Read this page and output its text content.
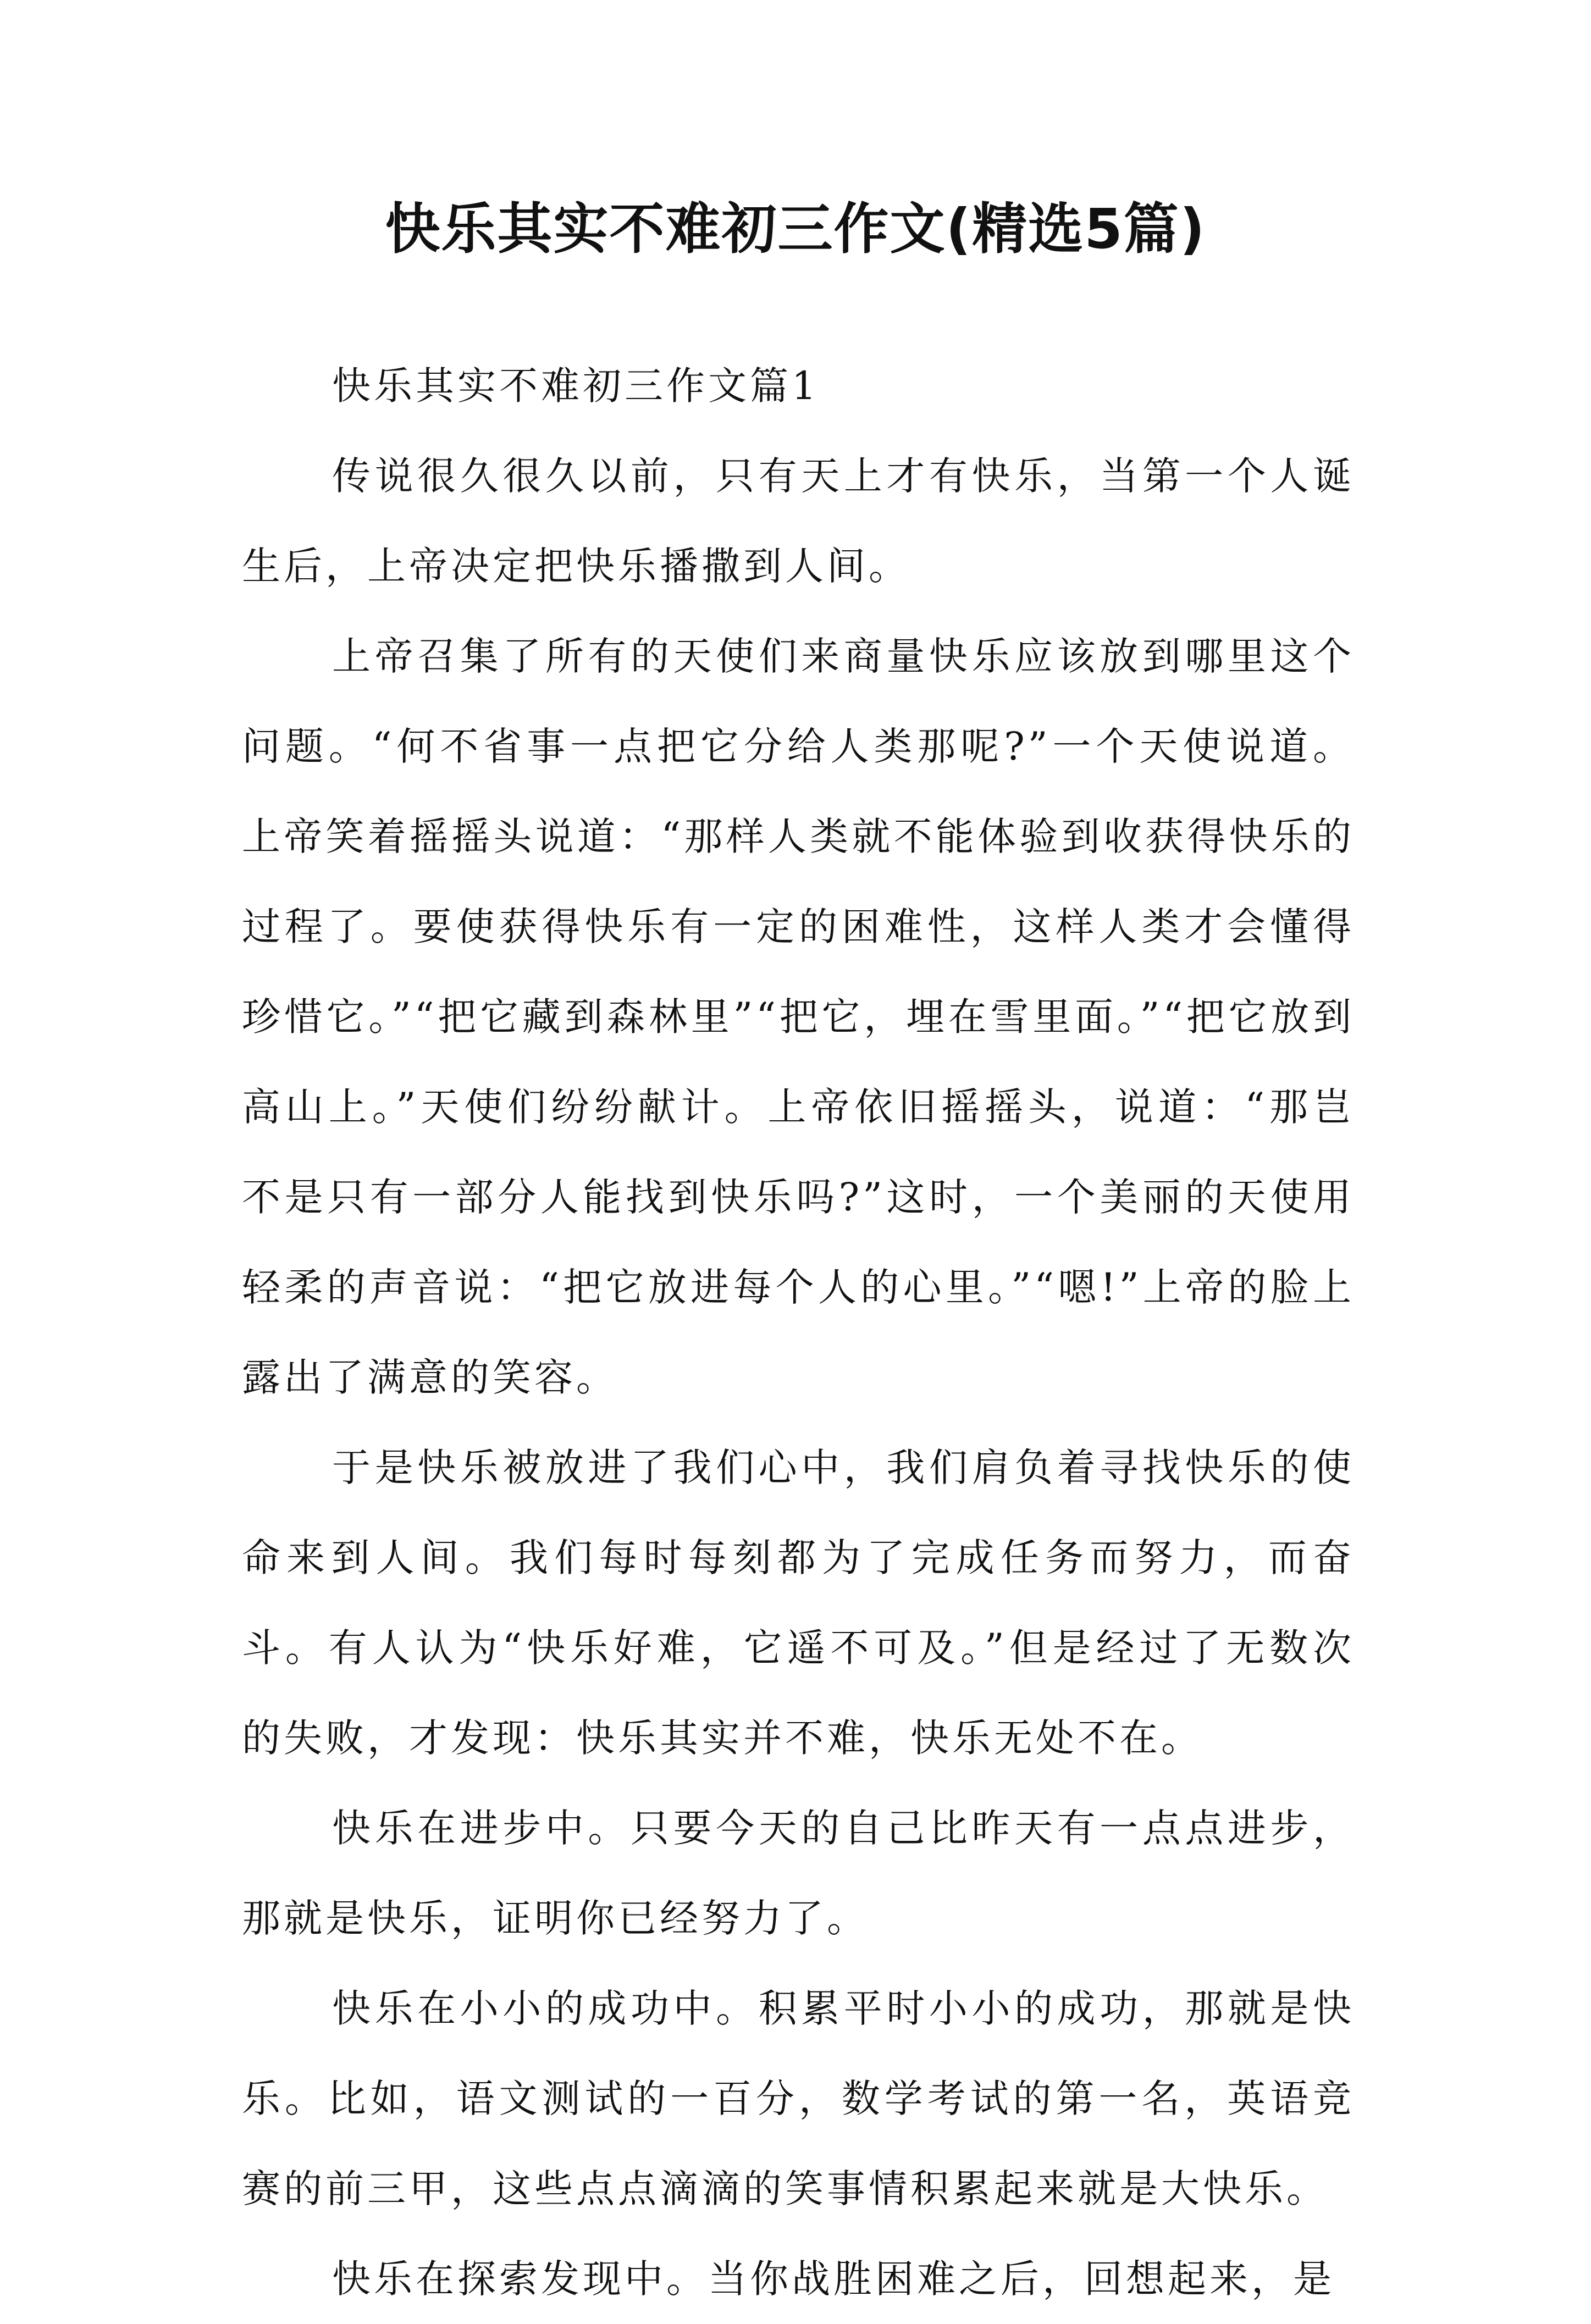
快乐其实不难初三作文(精选5篇)

快乐其实不难初三作文篇1

传说很久很久以前，只有天上才有快乐，当第一个人诞生后，上帝决定把快乐播撒到人间。

上帝召集了所有的天使们来商量快乐应该放到哪里这个问题。“何不省事一点把它分给人类那呢?”一个天使说道。上帝笑着摇摇头说道：“那样人类就不能体验到收获得快乐的过程了。要使获得快乐有一定的困难性，这样人类才会懂得珍惜它。”“把它藏到森林里”“把它，埋在雪里面。”“把它放到高山上。”天使们纷纷献计。上帝依旧摇摇头，说道：“那岂不是只有一部分人能找到快乐吗?”这时，一个美丽的天使用轻柔的声音说：“把它放进每个人的心里。”“嗯!”上帝的脸上露出了满意的笑容。

于是快乐被放进了我们心中，我们肩负着寻找快乐的使命来到人间。我们每时每刻都为了完成任务而努力，而奋斗。有人认为“快乐好难，它遥不可及。”但是经过了无数次的失败，才发现：快乐其实并不难，快乐无处不在。

快乐在进步中。只要今天的自己比昨天有一点点进步，那就是快乐，证明你已经努力了。

快乐在小小的成功中。积累平时小小的成功，那就是快乐。比如，语文测试的一百分，数学考试的第一名，英语竞赛的前三甲，这些点点滴滴的笑事情积累起来就是大快乐。

快乐在探索发现中。当你战胜困难之后，回想起来，是
